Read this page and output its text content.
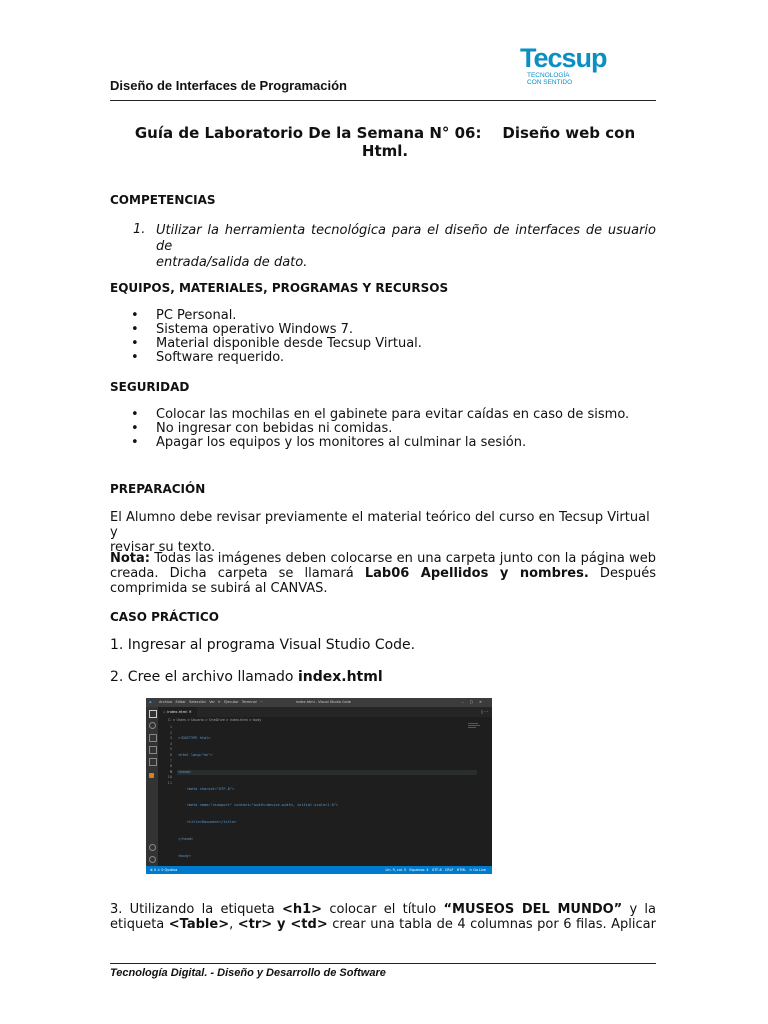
Diseño de Interfaces de Programación
Tecsup
TECNOLOGÍA
CON SENTIDO
Guía de Laboratorio De la Semana N° 06:    Diseño web con
Html.
COMPETENCIAS
1. Utilizar la herramienta tecnológica para el diseño de interfaces de usuario de
entrada/salida de dato.
EQUIPOS, MATERIALES, PROGRAMAS Y RECURSOS
• PC Personal.
• Sistema operativo Windows 7.
• Material disponible desde Tecsup Virtual.
• Software requerido.
SEGURIDAD
• Colocar las mochilas en el gabinete para evitar caídas en caso de sismo.
• No ingresar con bebidas ni comidas.
• Apagar los equipos y los monitores al culminar la sesión.
PREPARACIÓN
El Alumno debe revisar previamente el material teórico del curso en Tecsup Virtual y
revisar su texto.
Nota: Todas las imágenes deben colocarse en una carpeta junto con la página web
creada. Dicha carpeta se llamará Lab06 Apellidos y nombres. Después
comprimida se subirá al CANVAS.
CASO PRÁCTICO
1. Ingresar al programa Visual Studio Code.
2. Cree el archivo llamado index.html
◆ Archivo Editar Selección Ver Ir Ejecutar Terminal ···	index.html - Visual Studio Code	–▢✕
◇ index.html ✕	▯ ···
C: > Users > Usuario > OneDrive > index.html > body
1
2
3
4
5
6
7
8
9
10
11

<!DOCTYPE html>

<html lang="en">

<head>

<meta charset="UTF-8">

<meta name="viewport" content="width=device-width, initial-scale=1.0">

<title>Document</title>

</head>

<body>

⊗ 0 ⚠ 0 Quokka	Lín. 9, col. 5   Espacios: 4   UTF-8   CRLF   HTML   ⊙ Go Live
3. Utilizando la etiqueta <h1> colocar el título “MUSEOS DEL MUNDO” y la
etiqueta <Table>, <tr> y <td> crear una tabla de 4 columnas por 6 filas. Aplicar
Tecnología Digital. - Diseño y Desarrollo de Software
